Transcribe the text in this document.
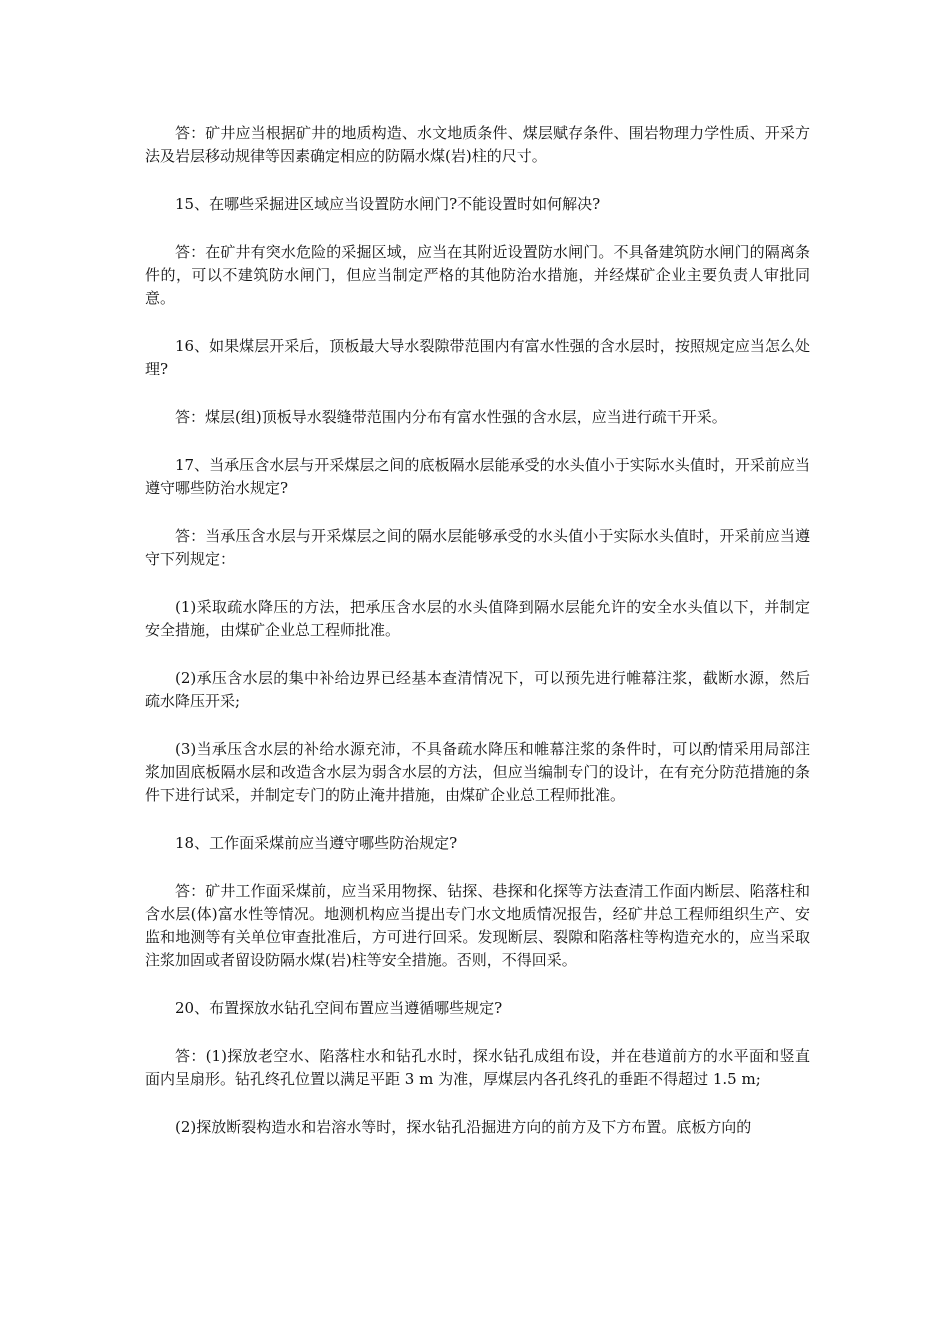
答：矿井应当根据矿井的地质构造、水文地质条件、煤层赋存条件、围岩物理力学性质、开采方法及岩层移动规律等因素确定相应的防隔水煤(岩)柱的尺寸。

15、在哪些采掘进区域应当设置防水闸门?不能设置时如何解决?

答：在矿井有突水危险的采掘区域，应当在其附近设置防水闸门。不具备建筑防水闸门的隔离条件的，可以不建筑防水闸门，但应当制定严格的其他防治水措施，并经煤矿企业主要负责人审批同意。

16、如果煤层开采后，顶板最大导水裂隙带范围内有富水性强的含水层时，按照规定应当怎么处理?

答：煤层(组)顶板导水裂缝带范围内分布有富水性强的含水层，应当进行疏干开采。

17、当承压含水层与开采煤层之间的底板隔水层能承受的水头值小于实际水头值时，开采前应当遵守哪些防治水规定?

答：当承压含水层与开采煤层之间的隔水层能够承受的水头值小于实际水头值时，开采前应当遵守下列规定：

(1)采取疏水降压的方法，把承压含水层的水头值降到隔水层能允许的安全水头值以下，并制定安全措施，由煤矿企业总工程师批准。

(2)承压含水层的集中补给边界已经基本查清情况下，可以预先进行帷幕注浆，截断水源，然后疏水降压开采;

(3)当承压含水层的补给水源充沛，不具备疏水降压和帷幕注浆的条件时，可以酌情采用局部注浆加固底板隔水层和改造含水层为弱含水层的方法，但应当编制专门的设计，在有充分防范措施的条件下进行试采，并制定专门的防止淹井措施，由煤矿企业总工程师批准。

18、工作面采煤前应当遵守哪些防治规定?

答：矿井工作面采煤前，应当采用物探、钻探、巷探和化探等方法查清工作面内断层、陷落柱和含水层(体)富水性等情况。地测机构应当提出专门水文地质情况报告，经矿井总工程师组织生产、安监和地测等有关单位审查批准后，方可进行回采。发现断层、裂隙和陷落柱等构造充水的，应当采取注浆加固或者留设防隔水煤(岩)柱等安全措施。否则，不得回采。

20、布置探放水钻孔空间布置应当遵循哪些规定?

答：(1)探放老空水、陷落柱水和钻孔水时，探水钻孔成组布设，并在巷道前方的水平面和竖直面内呈扇形。钻孔终孔位置以满足平距 3 m 为准，厚煤层内各孔终孔的垂距不得超过 1.5 m;

(2)探放断裂构造水和岩溶水等时，探水钻孔沿掘进方向的前方及下方布置。底板方向的
